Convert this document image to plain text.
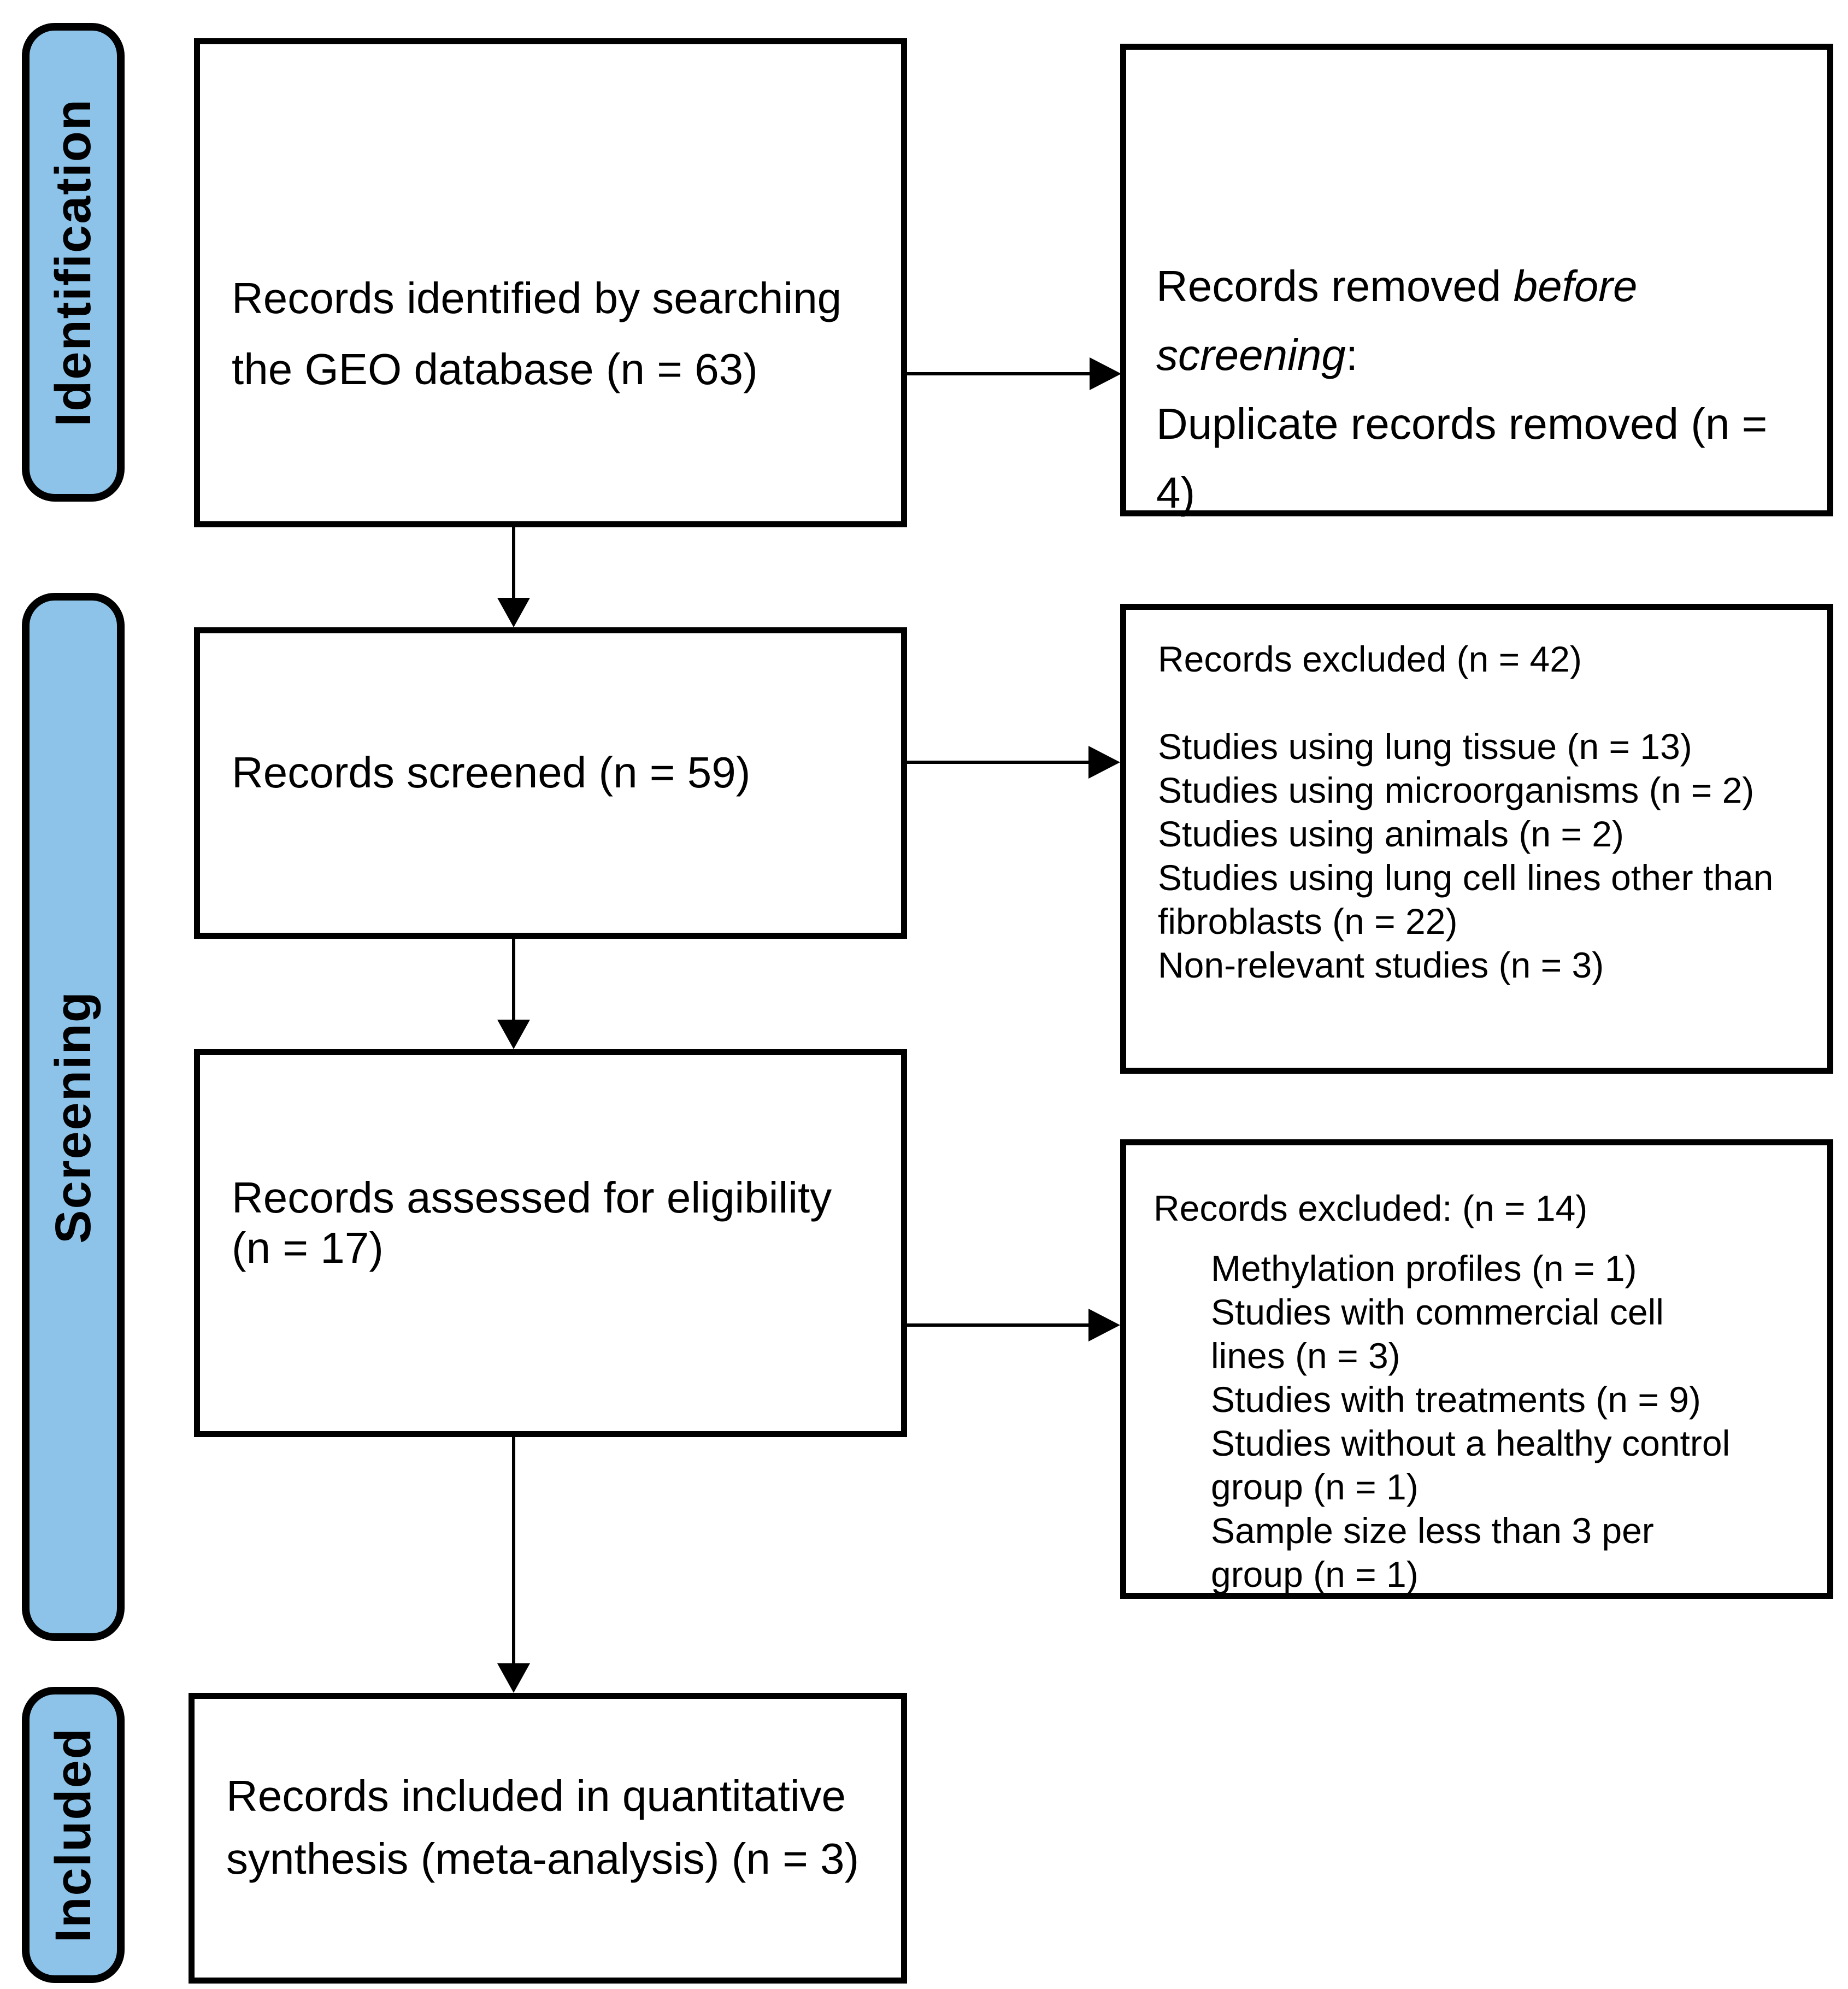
Identification
Screening
Included
Records identified by searching the GEO database (n = 63)
Records screened (n = 59)
Records assessed for eligibility (n = 17)
Records included in quantitative synthesis (meta-analysis) (n = 3)
Records removed before screening:
Duplicate records removed (n = 4)
Records excluded (n = 42)
Studies using lung tissue (n = 13)
Studies using microorganisms (n = 2)
Studies using animals (n = 2)
Studies using lung cell lines other than fibroblasts (n = 22)
Non-relevant studies (n = 3)
Records excluded: (n = 14)
Methylation profiles (n = 1)
Studies with commercial cell lines (n = 3)
Studies with treatments (n = 9)
Studies without a healthy control group (n = 1)
Sample size less than 3 per group (n = 1)
